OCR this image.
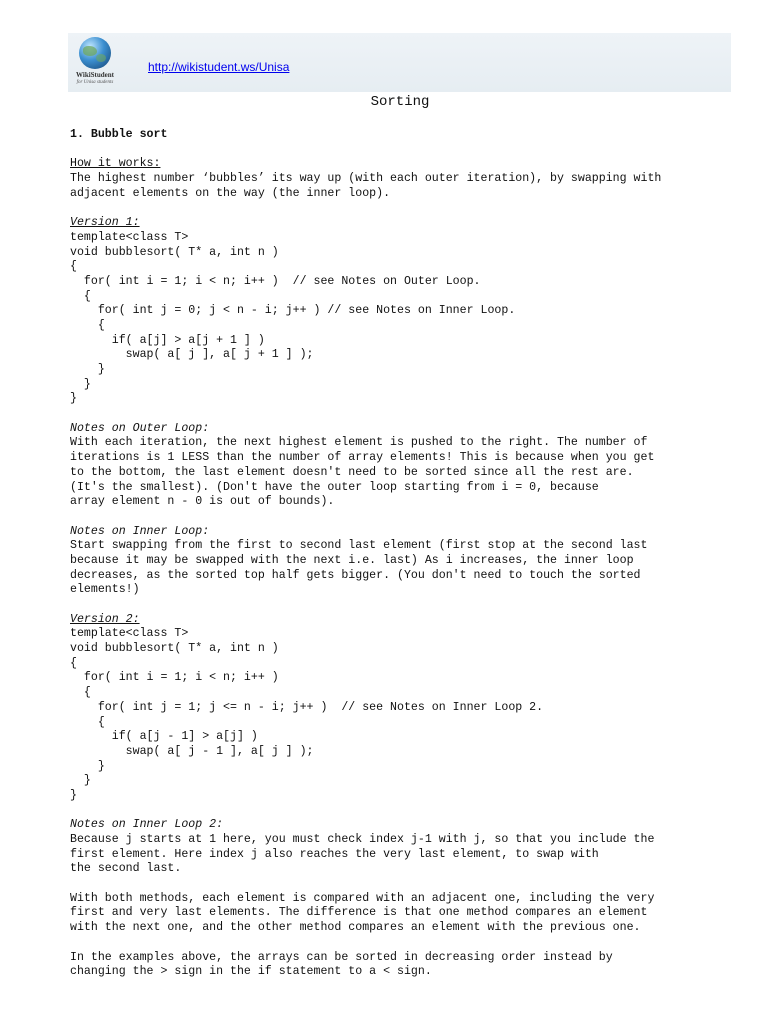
WikiStudent
for Unisa students
http://wikistudent.ws/Unisa
Sorting
1. Bubble sort
How it works:
The highest number ‘bubbles’ its way up (with each outer iteration), by swapping with
adjacent elements on the way (the inner loop).
Version 1:
template<class T>
void bubblesort( T* a, int n )
{
for( int i = 1; i < n; i++ )  // see Notes on Outer Loop.
{
for( int j = 0; j < n - i; j++ ) // see Notes on Inner Loop.
{
if( a[j] > a[j + 1 ] )
swap( a[ j ], a[ j + 1 ] );
}
}
}
Notes on Outer Loop:
With each iteration, the next highest element is pushed to the right. The number of
iterations is 1 LESS than the number of array elements! This is because when you get
to the bottom, the last element doesn't need to be sorted since all the rest are.
(It's the smallest). (Don't have the outer loop starting from i = 0, because
array element n - 0 is out of bounds).
Notes on Inner Loop:
Start swapping from the first to second last element (first stop at the second last
because it may be swapped with the next i.e. last) As i increases, the inner loop
decreases, as the sorted top half gets bigger. (You don't need to touch the sorted
elements!)
Version 2:
template<class T>
void bubblesort( T* a, int n )
{
for( int i = 1; i < n; i++ )
{
for( int j = 1; j <= n - i; j++ )  // see Notes on Inner Loop 2.
{
if( a[j - 1] > a[j] )
swap( a[ j - 1 ], a[ j ] );
}
}
}
Notes on Inner Loop 2:
Because j starts at 1 here, you must check index j-1 with j, so that you include the
first element. Here index j also reaches the very last element, to swap with
the second last.
With both methods, each element is compared with an adjacent one, including the very
first and very last elements. The difference is that one method compares an element
with the next one, and the other method compares an element with the previous one.
In the examples above, the arrays can be sorted in decreasing order instead by
changing the > sign in the if statement to a < sign.
